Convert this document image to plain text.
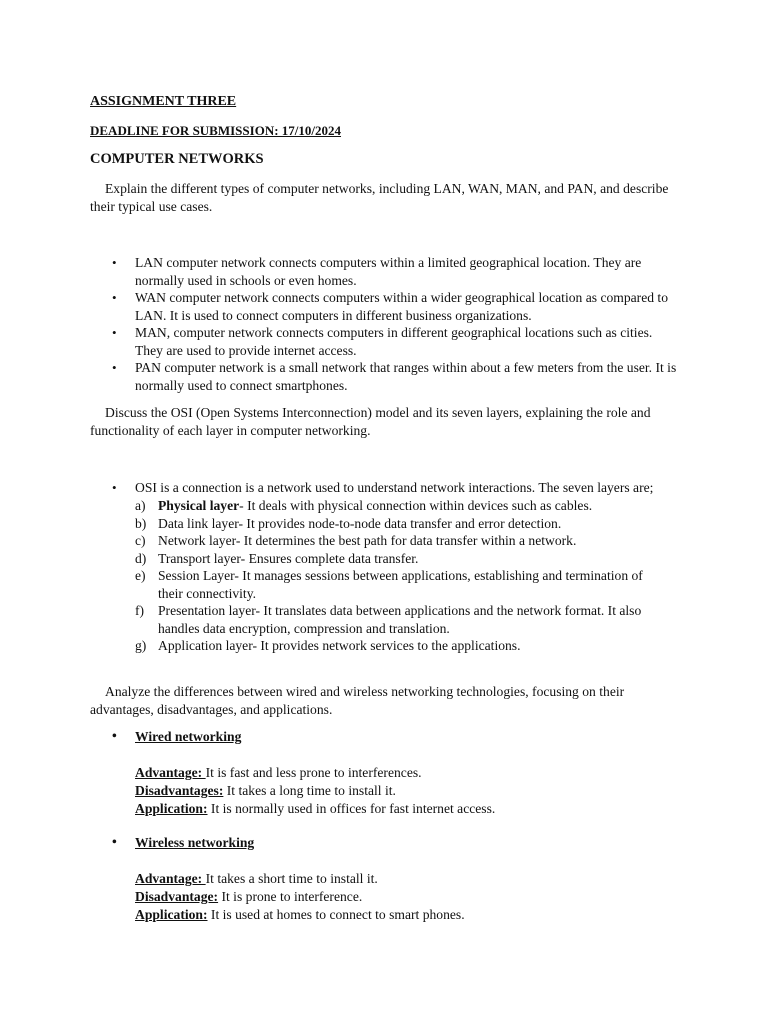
ASSIGNMENT THREE
DEADLINE FOR SUBMISSION: 17/10/2024
COMPUTER NETWORKS
Explain the different types of computer networks, including LAN, WAN, MAN, and PAN, and describe their typical use cases.
• LAN computer network connects computers within a limited geographical location. They are normally used in schools or even homes.
• WAN computer network connects computers within a wider geographical location as compared to LAN. It is used to connect computers in different business organizations.
• MAN, computer network connects computers in different geographical locations such as cities. They are used to provide internet access.
• PAN computer network is a small network that ranges within about a few meters from the user. It is normally used to connect smartphones.
Discuss the OSI (Open Systems Interconnection) model and its seven layers, explaining the role and functionality of each layer in computer networking.
• OSI is a connection is a network used to understand network interactions. The seven layers are;
a) Physical layer- It deals with physical connection within devices such as cables.
b) Data link layer- It provides node-to-node data transfer and error detection.
c) Network layer- It determines the best path for data transfer within a network.
d) Transport layer- Ensures complete data transfer.
e) Session Layer- It manages sessions between applications, establishing and termination of their connectivity.
f) Presentation layer- It translates data between applications and the network format. It also handles data encryption, compression and translation.
g) Application layer- It provides network services to the applications.
Analyze the differences between wired and wireless networking technologies, focusing on their advantages, disadvantages, and applications.
• Wired networking
Advantage: It is fast and less prone to interferences.
Disadvantages: It takes a long time to install it.
Application: It is normally used in offices for fast internet access.
• Wireless networking
Advantage: It takes a short time to install it.
Disadvantage: It is prone to interference.
Application: It is used at homes to connect to smart phones.
